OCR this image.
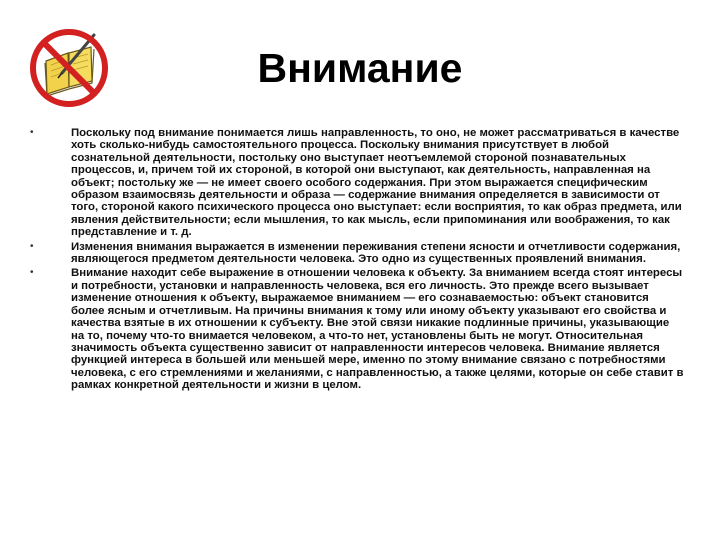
Внимание
•	Поскольку под внимание понимается лишь направленность, то оно, не может рассматриваться в качестве хоть сколько-нибудь самостоятельного процесса. Поскольку внимания присутствует в любой сознательной деятельности, постольку оно выступает неотъемлемой стороной познавательных процессов, и, причем той их стороной, в которой они выступают, как деятельность, направленная на объект; постольку же — не имеет своего особого содержания. При этом выражается специфическим образом взаимосвязь деятельности и образа — содержание внимания определяется в зависимости от того, стороной какого психического процесса оно выступает: если восприятия, то как образ предмета, или явления действительности; если мышления, то как мысль, если припоминания или воображения, то как представление и т. д.
•	Изменения внимания выражается в изменении переживания степени ясности и отчетливости содержания, являющегося предметом деятельности человека. Это одно из существенных проявлений внимания.
•	Внимание находит себе выражение в отношении человека к объекту. За вниманием всегда стоят интересы и потребности, установки и направленность человека, вся его личность. Это прежде всего вызывает изменение отношения к объекту, выражаемое вниманием — его сознаваемостью: объект становится более ясным и отчетливым. На причины внимания к тому или иному объекту указывают его свойства и качества взятые в их отношении к субъекту. Вне этой связи никакие подлинные причины, указывающие на то, почему что-то внимается человеком, а что-то нет, установлены быть не могут. Относительная значимость объекта существенно зависит от направленности интересов человека. Внимание является функцией интереса в большей или меньшей мере, именно по этому внимание связано с потребностями человека, с его стремлениями и желаниями, с направленностью, а также целями, которые он себе ставит в рамках конкретной деятельности и жизни в целом.
